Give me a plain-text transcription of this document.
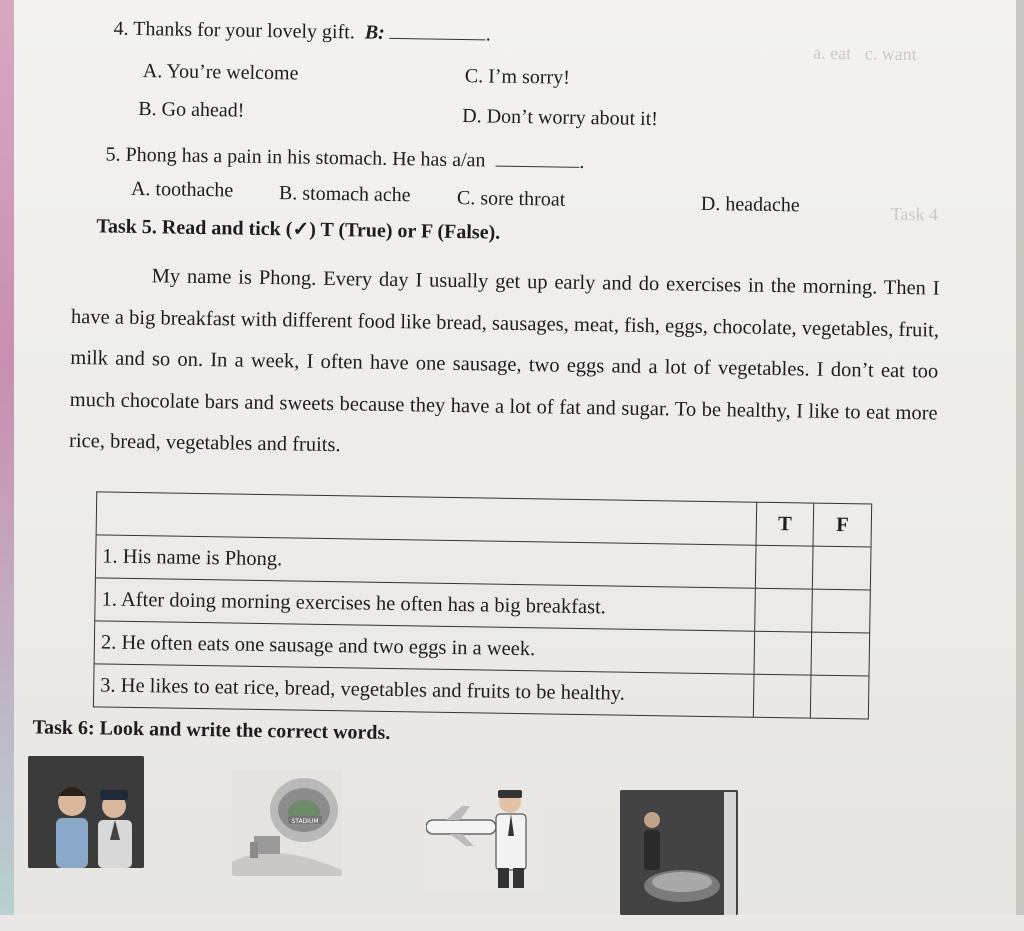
a. eat   c. want
Task 4
4. Thanks for your lovely gift. B:	.
A. You’re welcome	C. I’m sorry!
B. Go ahead!	D. Don’t worry about it!
5. Phong has a pain in his stomach. He has a/an	.
A. toothache B. stomach ache C. sore throat	D. headache
Task 5. Read and tick (✓) T (True) or F (False).
My name is Phong. Every day I usually get up early and do exercises in the morning. Then I have a big breakfast with different food like bread, sausages, meat, fish, eggs, chocolate, vegetables, fruit, milk and so on. In a week, I often have one sausage, two eggs and a lot of vegetables. I don’t eat too much chocolate bars and sweets because they have a lot of fat and sugar. To be healthy, I like to eat more rice, bread, vegetables and fruits.
	T	F
1. His name is Phong.		
1. After doing morning exercises he often has a big breakfast.		
2. He often eats one sausage and two eggs in a week.		
3. He likes to eat rice, bread, vegetables and fruits to be healthy.		
Task 6: Look and write the correct words.
STADIUM
